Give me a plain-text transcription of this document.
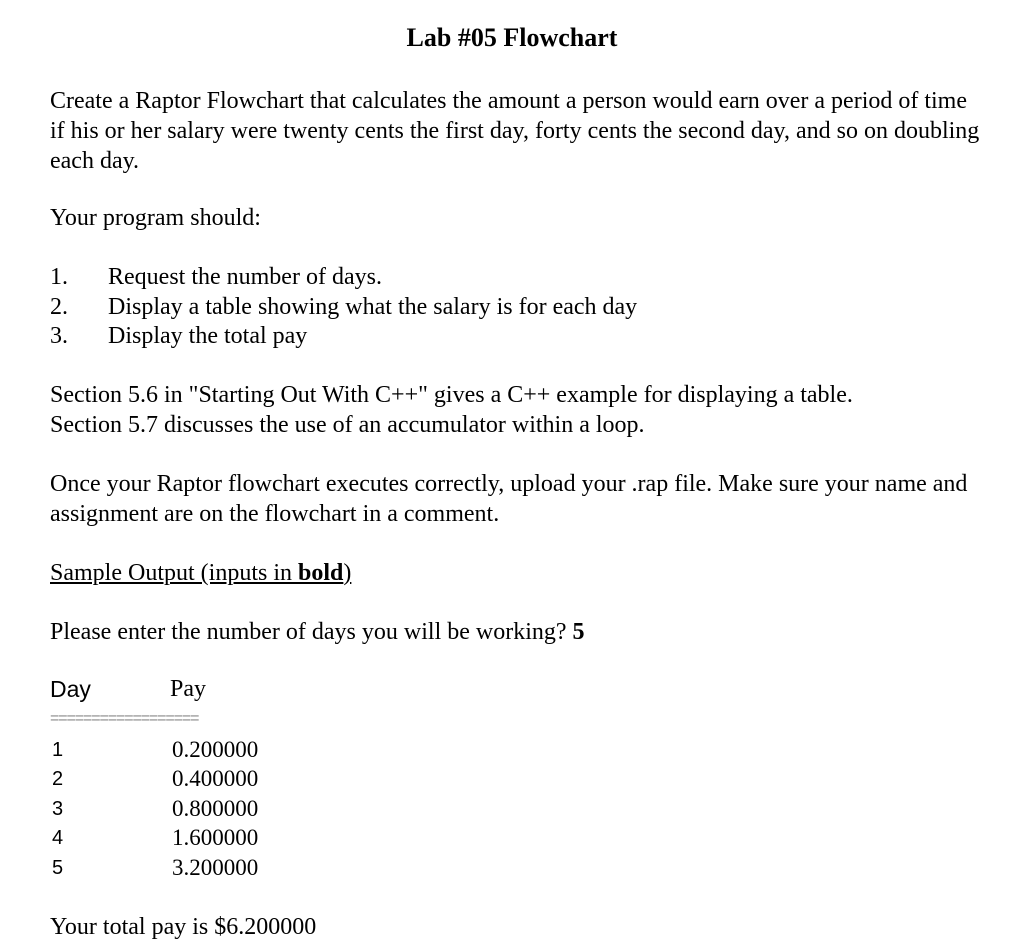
Lab #05 Flowchart
Create a Raptor Flowchart that calculates the amount a person would earn over a period of time if his or her salary were twenty cents the first day, forty cents the second day, and so on doubling each day.
Your program should:
1. Request the number of days.
2. Display a table showing what the salary is for each day
3. Display the total pay
Section 5.6 in "Starting Out With C++" gives a C++ example for displaying a table.
Section 5.7 discusses the use of an accumulator within a loop.
Once your Raptor flowchart executes correctly, upload your .rap file. Make sure your name and assignment are on the flowchart in a comment.
Sample Output (inputs in bold)
Please enter the number of days you will be working? 5
Day	Pay
==================
1	0.200000
2	0.400000
3	0.800000
4	1.600000
5	3.200000
Your total pay is $6.200000
